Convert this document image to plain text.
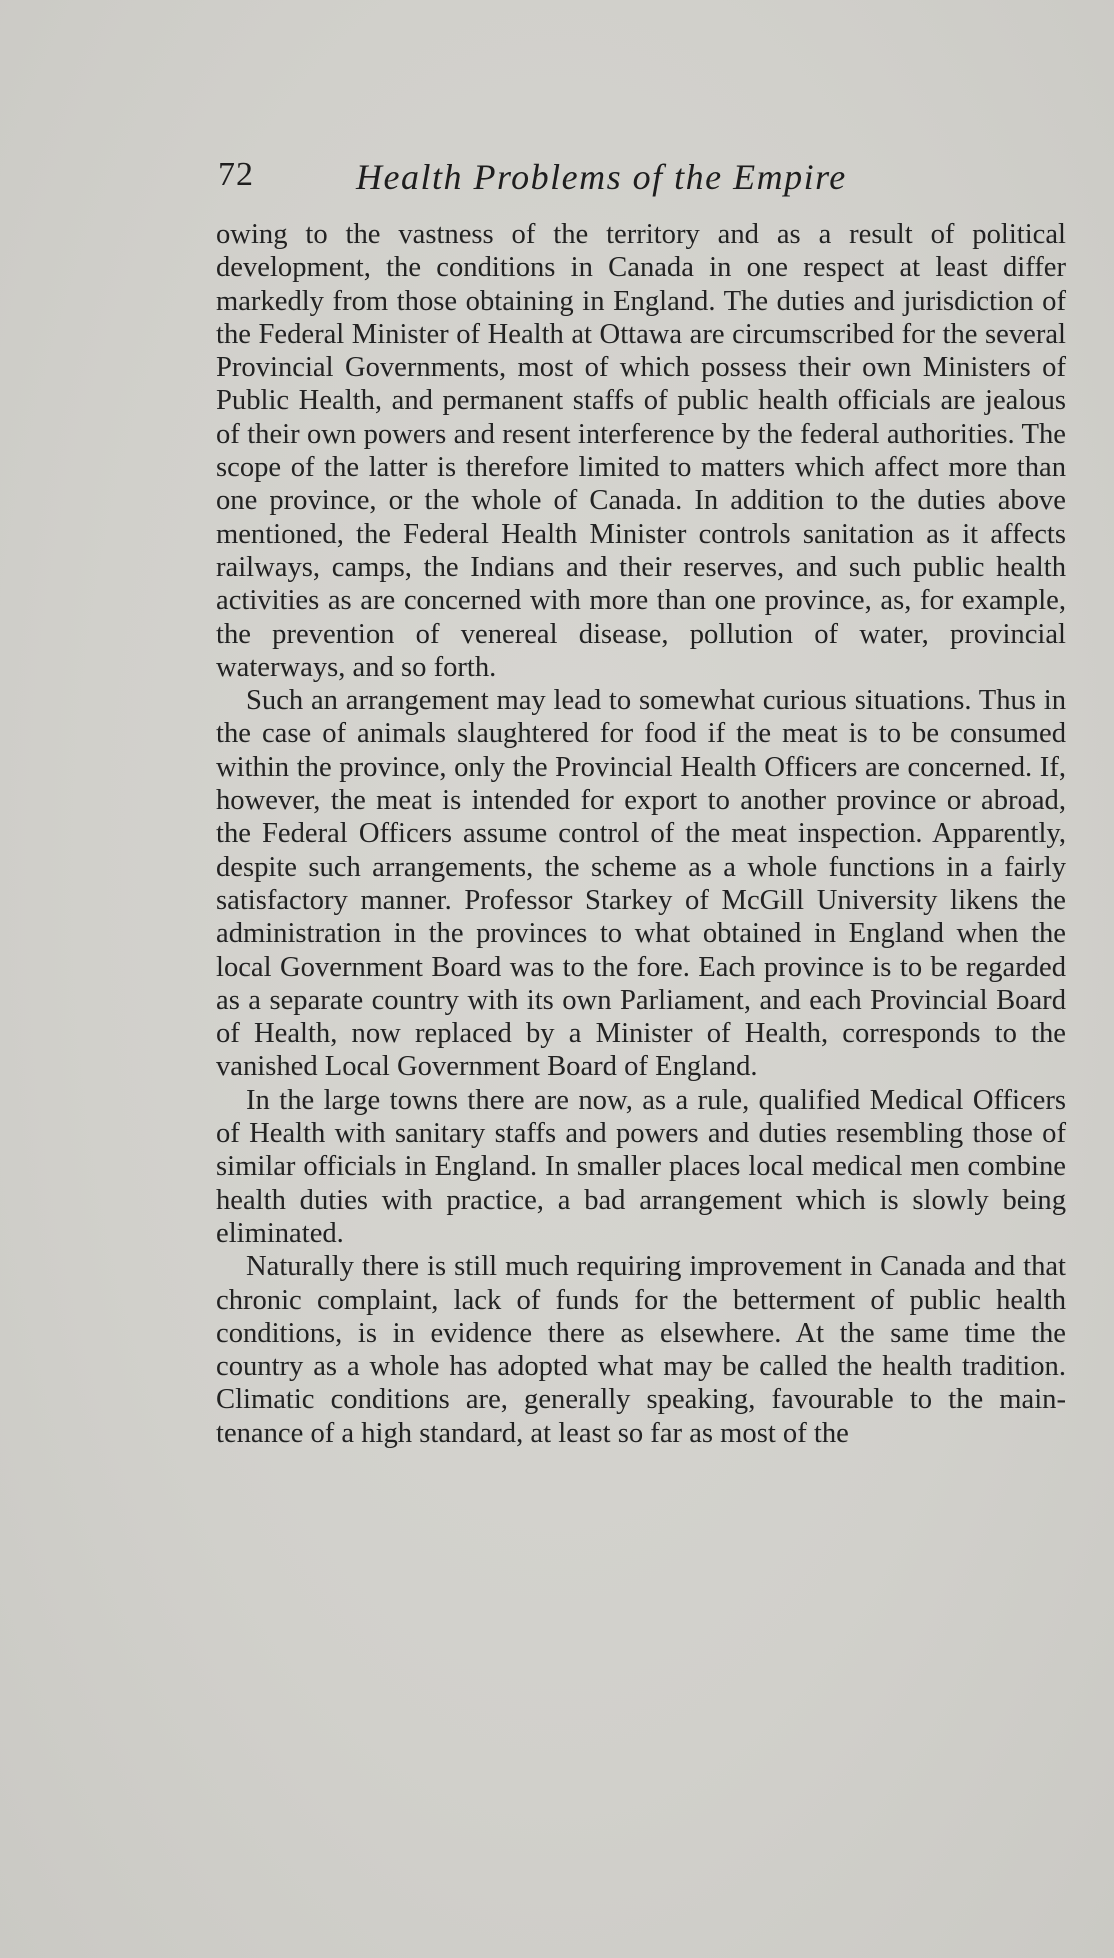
72	Health Problems of the Empire

owing to the vastness of the territory and as a result of political development, the conditions in Canada in one respect at least differ markedly from those obtaining in England. The duties and jurisdiction of the Federal Minister of Health at Ottawa are circumscribed for the several Provincial Governments, most of which possess their own Ministers of Public Health, and permanent staffs of public health officials are jealous of their own powers and resent interference by the federal authorities. The scope of the latter is therefore limited to matters which affect more than one province, or the whole of Canada. In addition to the duties above mentioned, the Federal Health Minister controls sanitation as it affects railways, camps, the Indians and their reserves, and such public health activities as are concerned with more than one province, as, for example, the prevention of venereal disease, pollution of water, provincial waterways, and so forth.

Such an arrangement may lead to somewhat curious situations. Thus in the case of animals slaughtered for food if the meat is to be consumed within the province, only the Provincial Health Officers are concerned. If, however, the meat is intended for export to another province or abroad, the Federal Officers assume control of the meat inspection. Apparently, despite such arrangements, the scheme as a whole functions in a fairly satisfactory manner. Professor Starkey of McGill University likens the administration in the provinces to what obtained in England when the local Government Board was to the fore. Each province is to be regarded as a separate country with its own Parliament, and each Provincial Board of Health, now replaced by a Minister of Health, corresponds to the vanished Local Government Board of England.

In the large towns there are now, as a rule, qualified Medical Officers of Health with sanitary staffs and powers and duties resembling those of similar officials in England. In smaller places local medical men combine health duties with practice, a bad arrangement which is slowly being eliminated.

Naturally there is still much requiring improvement in Canada and that chronic complaint, lack of funds for the betterment of public health conditions, is in evidence there as elsewhere. At the same time the country as a whole has adopted what may be called the health tradition. Climatic conditions are, generally speaking, favourable to the main-tenance of a high standard, at least so far as most of the
